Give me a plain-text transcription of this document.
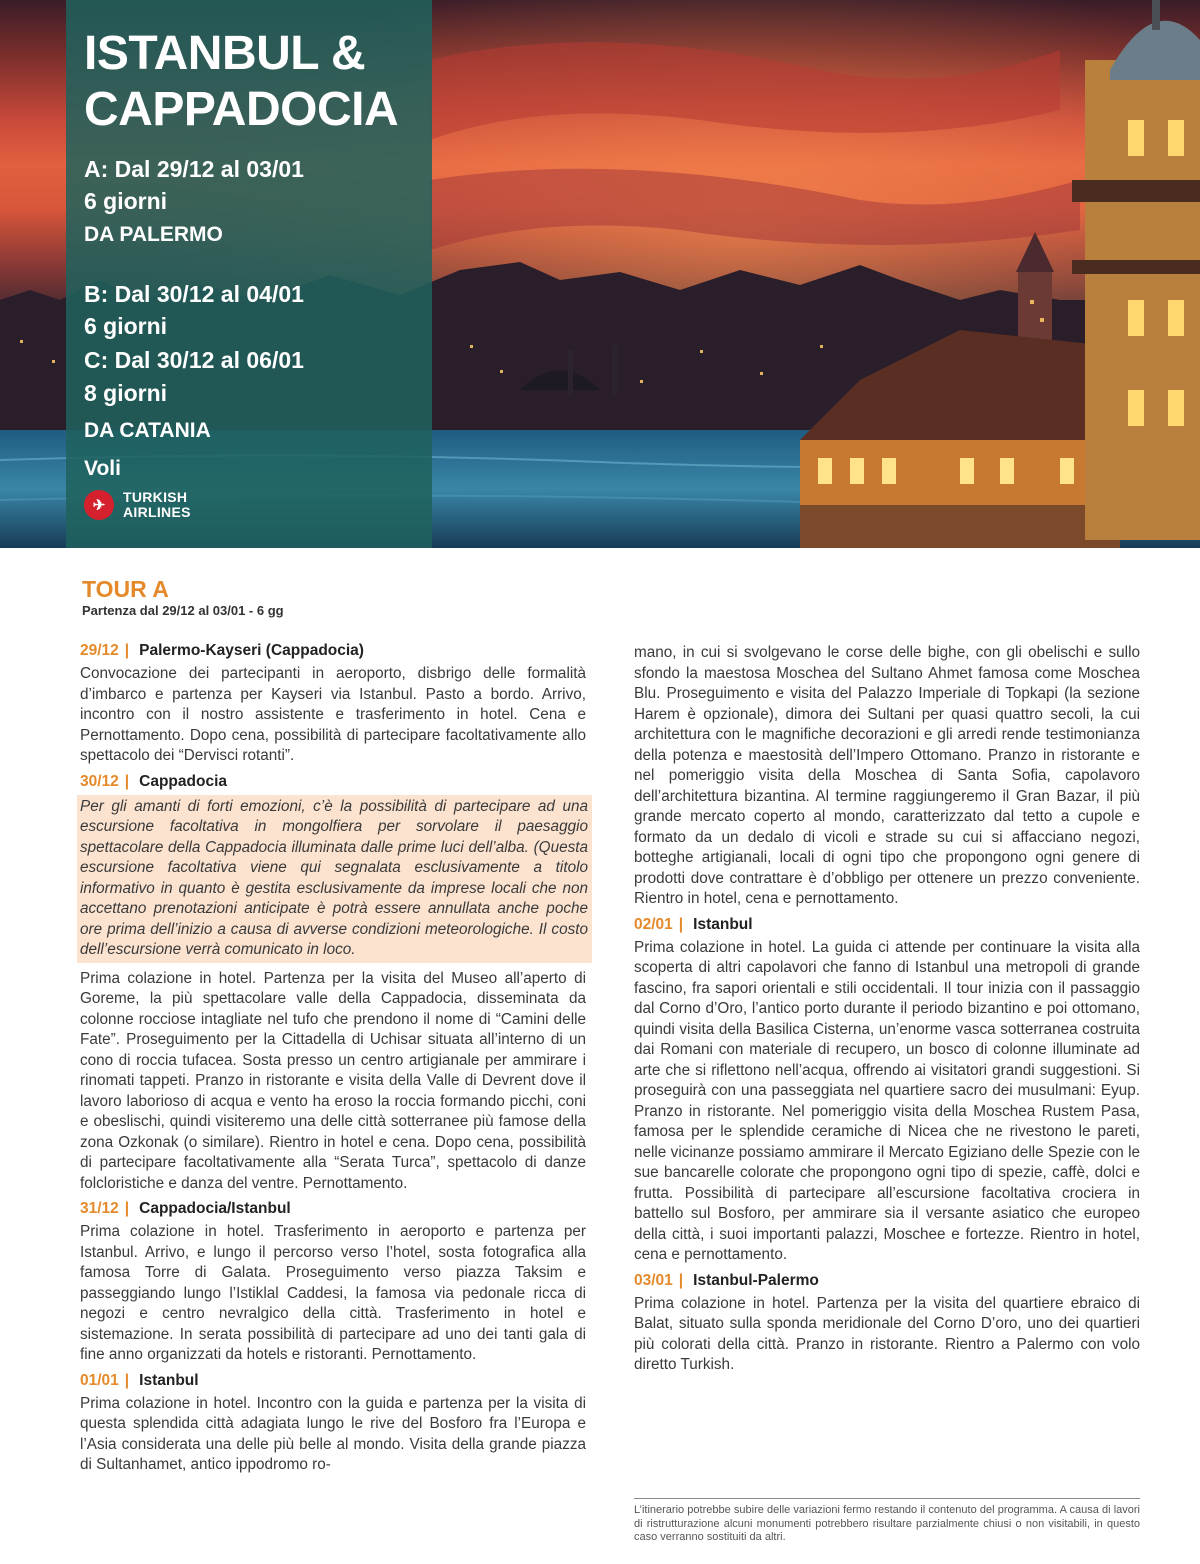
ISTANBUL &
CAPPADOCIA
A: Dal 29/12 al 03/01
6 giorni
DA PALERMO
B: Dal 30/12 al 04/01
6 giorni
C: Dal 30/12 al 06/01
8 giorni
DA CATANIA
Voli
✈	TURKISH
AIRLINES
TOUR A
Partenza dal 29/12 al 03/01 - 6 gg
29/12 | Palermo-Kayseri (Cappadocia)
Convocazione dei partecipanti in aeroporto, disbrigo delle formalità d’imbarco e partenza per Kayseri via Istanbul. Pasto a bordo. Arrivo, incontro con il nostro assistente e trasferimento in hotel. Cena e Pernottamento. Dopo cena, possibilità di partecipare facoltativamente allo spettacolo dei “Dervisci rotanti”.
30/12 | Cappadocia
Per gli amanti di forti emozioni, c’è la possibilità di partecipare ad una escursione facoltativa in mongolfiera per sorvolare il paesaggio spettacolare della Cappadocia illuminata dalle prime luci dell’alba. (Questa escursione facoltativa viene qui segnalata esclusivamente a titolo informativo in quanto è gestita esclusivamente da imprese locali che non accettano prenotazioni anticipate è potrà essere annullata anche poche ore prima dell’inizio a causa di avverse condizioni meteorologiche. Il costo dell’escursione verrà comunicato in loco.
Prima colazione in hotel. Partenza per la visita del Museo all’aperto di Goreme, la più spettacolare valle della Cappadocia, disseminata da colonne rocciose intagliate nel tufo che prendono il nome di “Camini delle Fate”. Proseguimento per la Cittadella di Uchisar situata all’interno di un cono di roccia tufacea. Sosta presso un centro artigianale per ammirare i rinomati tappeti. Pranzo in ristorante e visita della Valle di Devrent dove il lavoro laborioso di acqua e vento ha eroso la roccia formando picchi, coni e obeslischi, quindi visiteremo una delle città sotterranee più famose della zona Ozkonak (o similare). Rientro in hotel e cena. Dopo cena, possibilità di partecipare facoltativamente alla “Serata Turca”, spettacolo di danze folcloristiche e danza del ventre. Pernottamento.
31/12 | Cappadocia/Istanbul
Prima colazione in hotel. Trasferimento in aeroporto e partenza per Istanbul. Arrivo, e lungo il percorso verso l’hotel, sosta fotografica alla famosa Torre di Galata. Proseguimento verso piazza Taksim e passeggiando lungo l’Istiklal Caddesi, la famosa via pedonale ricca di negozi e centro nevralgico della città. Trasferimento in hotel e sistemazione. In serata possibilità di partecipare ad uno dei tanti gala di fine anno organizzati da hotels e ristoranti. Pernottamento.
01/01 | Istanbul
Prima colazione in hotel. Incontro con la guida e partenza per la visita di questa splendida città adagiata lungo le rive del Bosforo fra l’Europa e l’Asia considerata una delle più belle al mondo. Visita della grande piazza di Sultanhamet, antico ippodromo ro-
mano, in cui si svolgevano le corse delle bighe, con gli obelischi e sullo sfondo la maestosa Moschea del Sultano Ahmet famosa come Moschea Blu. Proseguimento e visita del Palazzo Imperiale di Topkapi (la sezione Harem è opzionale), dimora dei Sultani per quasi quattro secoli, la cui architettura con le magnifiche decorazioni e gli arredi rende testimonianza della potenza e maestosità dell’Impero Ottomano. Pranzo in ristorante e nel pomeriggio visita della Moschea di Santa Sofia, capolavoro dell’architettura bizantina. Al termine raggiungeremo il Gran Bazar, il più grande mercato coperto al mondo, caratterizzato dal tetto a cupole e formato da un dedalo di vicoli e strade su cui si affacciano negozi, botteghe artigianali, locali di ogni tipo che propongono ogni genere di prodotti dove contrattare è d’obbligo per ottenere un prezzo conveniente. Rientro in hotel, cena e pernottamento.
02/01 | Istanbul
Prima colazione in hotel. La guida ci attende per continuare la visita alla scoperta di altri capolavori che fanno di Istanbul una metropoli di grande fascino, fra sapori orientali e stili occidentali. Il tour inizia con il passaggio dal Corno d’Oro, l’antico porto durante il periodo bizantino e poi ottomano, quindi visita della Basilica Cisterna, un’enorme vasca sotterranea costruita dai Romani con materiale di recupero, un bosco di colonne illuminate ad arte che si riflettono nell’acqua, offrendo ai visitatori grandi suggestioni. Si proseguirà con una passeggiata nel quartiere sacro dei musulmani: Eyup. Pranzo in ristorante. Nel pomeriggio visita della Moschea Rustem Pasa, famosa per le splendide ceramiche di Nicea che ne rivestono le pareti, nelle vicinanze possiamo ammirare il Mercato Egiziano delle Spezie con le sue bancarelle colorate che propongono ogni tipo di spezie, caffè, dolci e frutta. Possibilità di partecipare all’escursione facoltativa crociera in battello sul Bosforo, per ammirare sia il versante asiatico che europeo della città, i suoi importanti palazzi, Moschee e fortezze. Rientro in hotel, cena e pernottamento.
03/01 | Istanbul-Palermo
Prima colazione in hotel. Partenza per la visita del quartiere ebraico di Balat, situato sulla sponda meridionale del Corno D’oro, uno dei quartieri più colorati della città. Pranzo in ristorante. Rientro a Palermo con volo diretto Turkish.
L’itinerario potrebbe subire delle variazioni fermo restando il contenuto del programma. A causa di lavori di ristrutturazione alcuni monumenti potrebbero risultare parzialmente chiusi o non visitabili, in questo caso verranno sostituiti da altri.
